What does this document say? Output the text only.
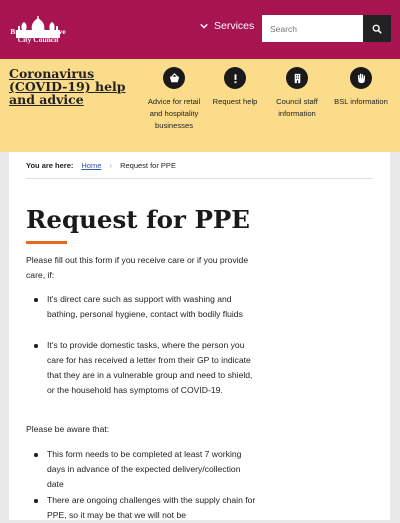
Brighton & Hove
City Council
Services
Search
Coronavirus (COVID-19) help and advice	Advice for retail and hospitality businesses
Request help	Council staff information
BSL information
You are here: Home › Request for PPE
Request for PPE
Please fill out this form if you receive care or if you provide care, if:
It's direct care such as support with washing and bathing, personal hygiene, contact with bodily fluids
It's to provide domestic tasks, where the person you care for has received a letter from their GP to indicate that they are in a vulnerable group and need to shield, or the household has symptoms of COVID-19.
Please be aware that:
This form needs to be completed at least 7 working days in advance of the expected delivery/collection date
There are ongoing challenges with the supply chain for PPE, so it may be that we will not be
